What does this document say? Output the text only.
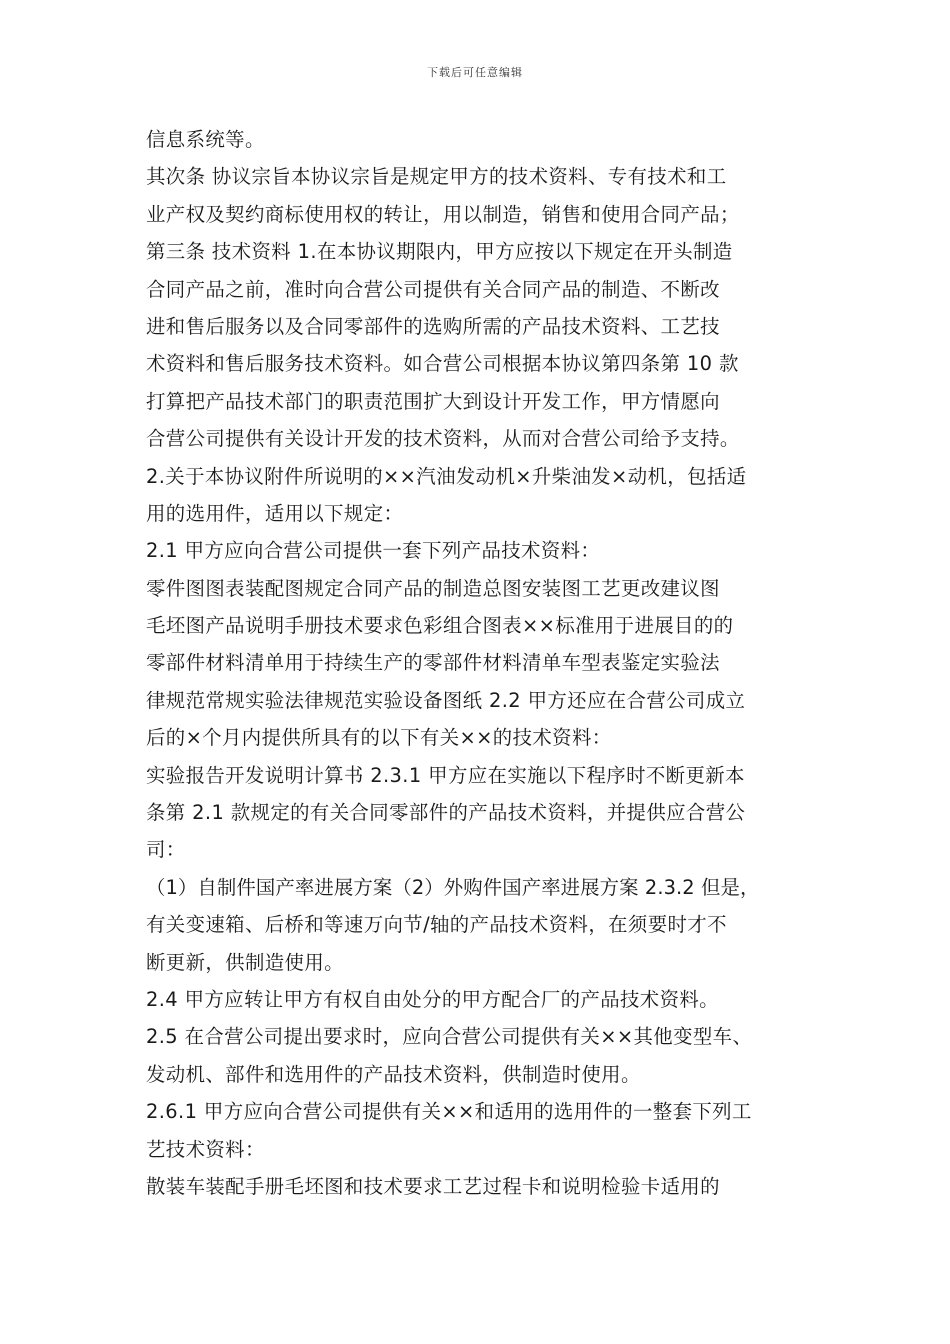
下载后可任意编辑
信息系统等。
其次条 协议宗旨本协议宗旨是规定甲方的技术资料、专有技术和工
业产权及契约商标使用权的转让，用以制造，销售和使用合同产品；
第三条 技术资料 1.在本协议期限内，甲方应按以下规定在开头制造
合同产品之前，准时向合营公司提供有关合同产品的制造、不断改
进和售后服务以及合同零部件的选购所需的产品技术资料、工艺技
术资料和售后服务技术资料。如合营公司根据本协议第四条第 10 款
打算把产品技术部门的职责范围扩大到设计开发工作，甲方情愿向
合营公司提供有关设计开发的技术资料，从而对合营公司给予支持。
2.关于本协议附件所说明的××汽油发动机×升柴油发×动机，包括适
用的选用件，适用以下规定：
2.1 甲方应向合营公司提供一套下列产品技术资料：
零件图图表装配图规定合同产品的制造总图安装图工艺更改建议图
毛坯图产品说明手册技术要求色彩组合图表××标准用于进展目的的
零部件材料清单用于持续生产的零部件材料清单车型表鉴定实验法
律规范常规实验法律规范实验设备图纸 2.2 甲方还应在合营公司成立
后的×个月内提供所具有的以下有关××的技术资料：
实验报告开发说明计算书 2.3.1 甲方应在实施以下程序时不断更新本
条第 2.1 款规定的有关合同零部件的产品技术资料，并提供应合营公
司：
（1）自制件国产率进展方案（2）外购件国产率进展方案 2.3.2 但是，
有关变速箱、后桥和等速万向节/轴的产品技术资料，在须要时才不
断更新，供制造使用。
2.4 甲方应转让甲方有权自由处分的甲方配合厂的产品技术资料。
2.5 在合营公司提出要求时，应向合营公司提供有关××其他变型车、
发动机、部件和选用件的产品技术资料，供制造时使用。
2.6.1 甲方应向合营公司提供有关××和适用的选用件的一整套下列工
艺技术资料：
散装车装配手册毛坯图和技术要求工艺过程卡和说明检验卡适用的
